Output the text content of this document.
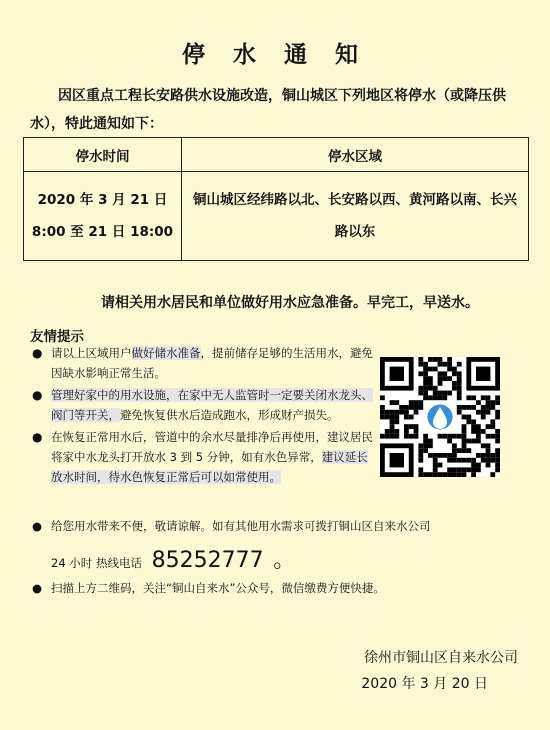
停 水 通 知
因区重点工程长安路供水设施改造，铜山城区下列地区将停水（或降压供水），特此通知如下：
停水时间	停水区域

2020 年 3 月 21 日
8:00 至 21 日 18:00	铜山城区经纬路以北、长安路以西、黄河路以南、长兴路以东
请相关用水居民和单位做好用水应急准备。早完工，早送水。
友情提示
● 请以上区域用户做好储水准备，提前储存足够的生活用水，避免因缺水影响正常生活。
● 管理好家中的用水设施，在家中无人监管时一定要关闭水龙头、阀门等开关，避免恢复供水后造成跑水，形成财产损失。
● 在恢复正常用水后，管道中的余水尽量排净后再使用，建议居民将家中水龙头打开放水 3 到 5 分钟，如有水色异常，建议延长放水时间，待水色恢复正常后可以如常使用。
● 给您用水带来不便，敬请谅解。如有其他用水需求可拨打铜山区自来水公司
24 小时 热线电话 85252777 。
● 扫描上方二维码，关注“铜山自来水”公众号，微信缴费方便快捷。
徐州市铜山区自来水公司
2020 年 3 月 20 日
